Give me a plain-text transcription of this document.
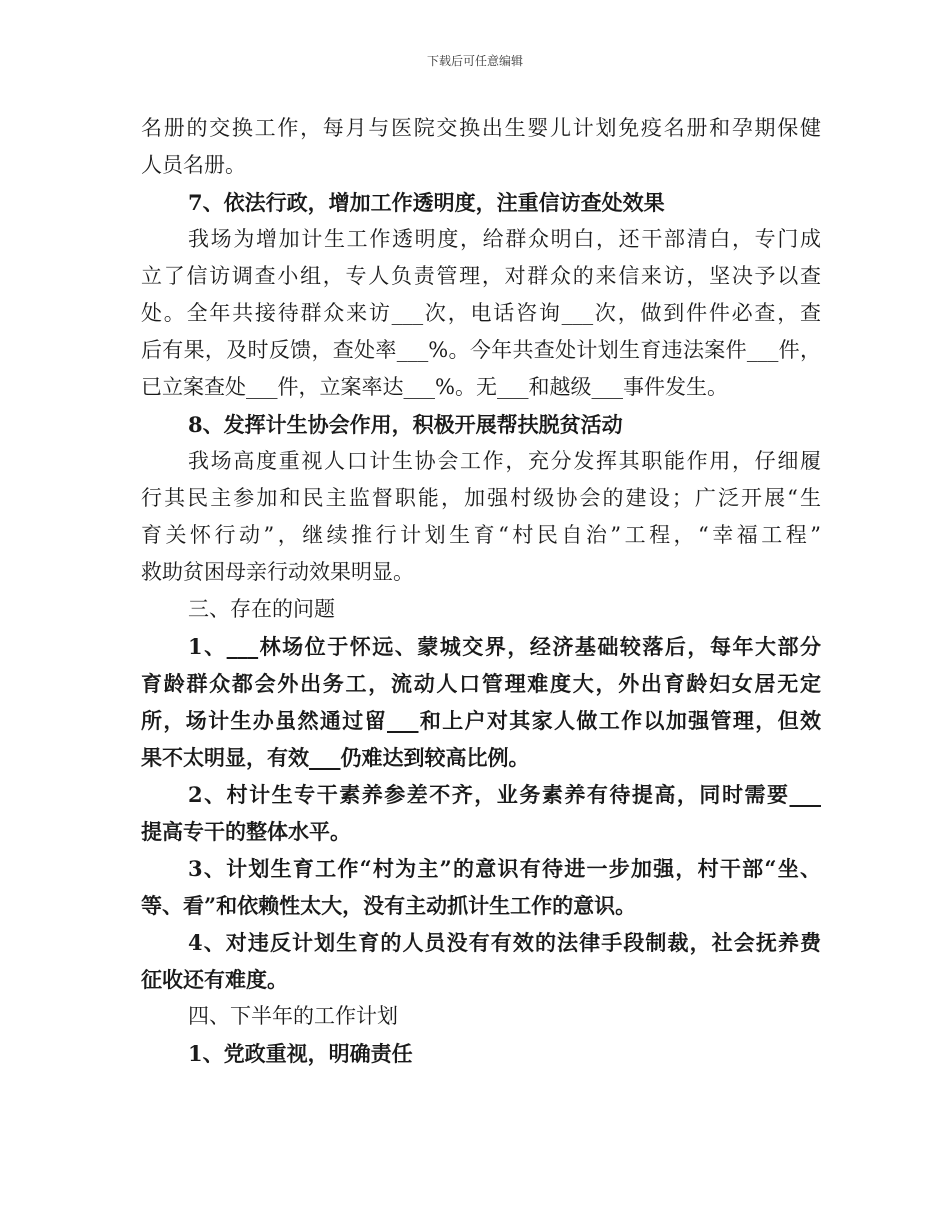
下载后可任意编辑
名册的交换工作，每月与医院交换出生婴儿计划免疫名册和孕期保健
人员名册。
7、依法行政，增加工作透明度，注重信访查处效果
我场为增加计生工作透明度，给群众明白，还干部清白，专门成
立了信访调查小组，专人负责管理，对群众的来信来访，坚决予以查
处。全年共接待群众来访___次，电话咨询___次，做到件件必查，查
后有果，及时反馈，查处率___%。今年共查处计划生育违法案件___件，
已立案查处___件，立案率达___%。无___和越级___事件发生。
8、发挥计生协会作用，积极开展帮扶脱贫活动
我场高度重视人口计生协会工作，充分发挥其职能作用，仔细履
行其民主参加和民主监督职能，加强村级协会的建设；广泛开展“生
育关怀行动”，继续推行计划生育“村民自治”工程，“幸福工程”
救助贫困母亲行动效果明显。
三、存在的问题
1、___林场位于怀远、蒙城交界，经济基础较落后，每年大部分
育龄群众都会外出务工，流动人口管理难度大，外出育龄妇女居无定
所，场计生办虽然通过留___和上户对其家人做工作以加强管理，但效
果不太明显，有效___仍难达到较高比例。
2、村计生专干素养参差不齐，业务素养有待提高，同时需要___
提高专干的整体水平。
3、计划生育工作“村为主”的意识有待进一步加强，村干部“坐、
等、看”和依赖性太大，没有主动抓计生工作的意识。
4、对违反计划生育的人员没有有效的法律手段制裁，社会抚养费
征收还有难度。
四、下半年的工作计划
1、党政重视，明确责任
